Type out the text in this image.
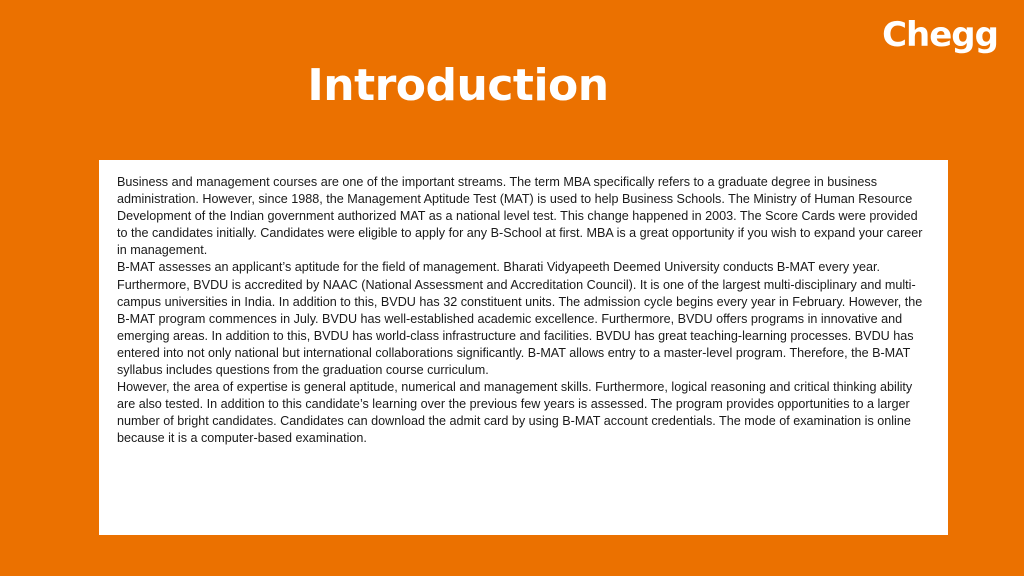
Chegg
Introduction

Business and management courses are one of the important streams. The term MBA specifically refers to a graduate degree in business administration. However, since 1988, the Management Aptitude Test (MAT) is used to help Business Schools. The Ministry of Human Resource Development of the Indian government authorized MAT as a national level test. This change happened in 2003. The Score Cards were provided to the candidates initially. Candidates were eligible to apply for any B-School at first. MBA is a great opportunity if you wish to expand your career in management.

B-MAT assesses an applicant’s aptitude for the field of management. Bharati Vidyapeeth Deemed University conducts B-MAT every year. Furthermore, BVDU is accredited by NAAC (National Assessment and Accreditation Council). It is one of the largest multi-disciplinary and multi-campus universities in India. In addition to this, BVDU has 32 constituent units. The admission cycle begins every year in February. However, the B-MAT program commences in July. BVDU has well-established academic excellence. Furthermore, BVDU offers programs in innovative and emerging areas. In addition to this, BVDU has world-class infrastructure and facilities. BVDU has great teaching-learning processes. BVDU has entered into not only national but international collaborations significantly. B-MAT allows entry to a master-level program. Therefore, the B-MAT syllabus includes questions from the graduation course curriculum.

However, the area of expertise is general aptitude, numerical and management skills. Furthermore, logical reasoning and critical thinking ability are also tested. In addition to this candidate’s learning over the previous few years is assessed. The program provides opportunities to a larger number of bright candidates. Candidates can download the admit card by using B-MAT account credentials. The mode of examination is online because it is a computer-based examination.
